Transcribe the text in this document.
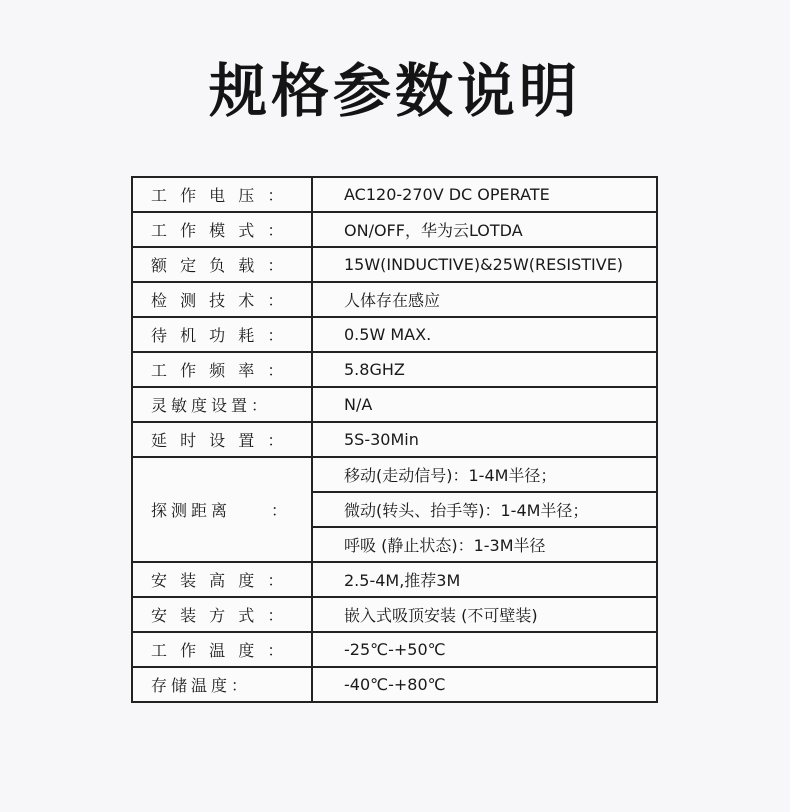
规格参数说明
工 作 电 压 ：	AC120-270V DC OPERATE
工 作 模 式 ：	ON/OFF，华为云LOTDA
额 定 负 载 ：	15W(INDUCTIVE)&25W(RESISTIVE)
检 测 技 术 ：	人体存在感应
待 机 功 耗 ：	0.5W MAX.
工 作 频 率 ：	5.8GHZ
灵敏度设置：	N/A
延 时 设 置 ：	5S-30Min
探测距离　　：	移动(走动信号)：1-4M半径；
	微动(转头、抬手等)：1-4M半径；
	呼吸 (静止状态)：1-3M半径
安 装 高 度 ：	2.5-4M,推荐3M
安 装 方 式 ：	嵌入式吸顶安装 (不可壁装)
工 作 温 度 ：	-25℃-+50℃
存储温度：	-40℃-+80℃
